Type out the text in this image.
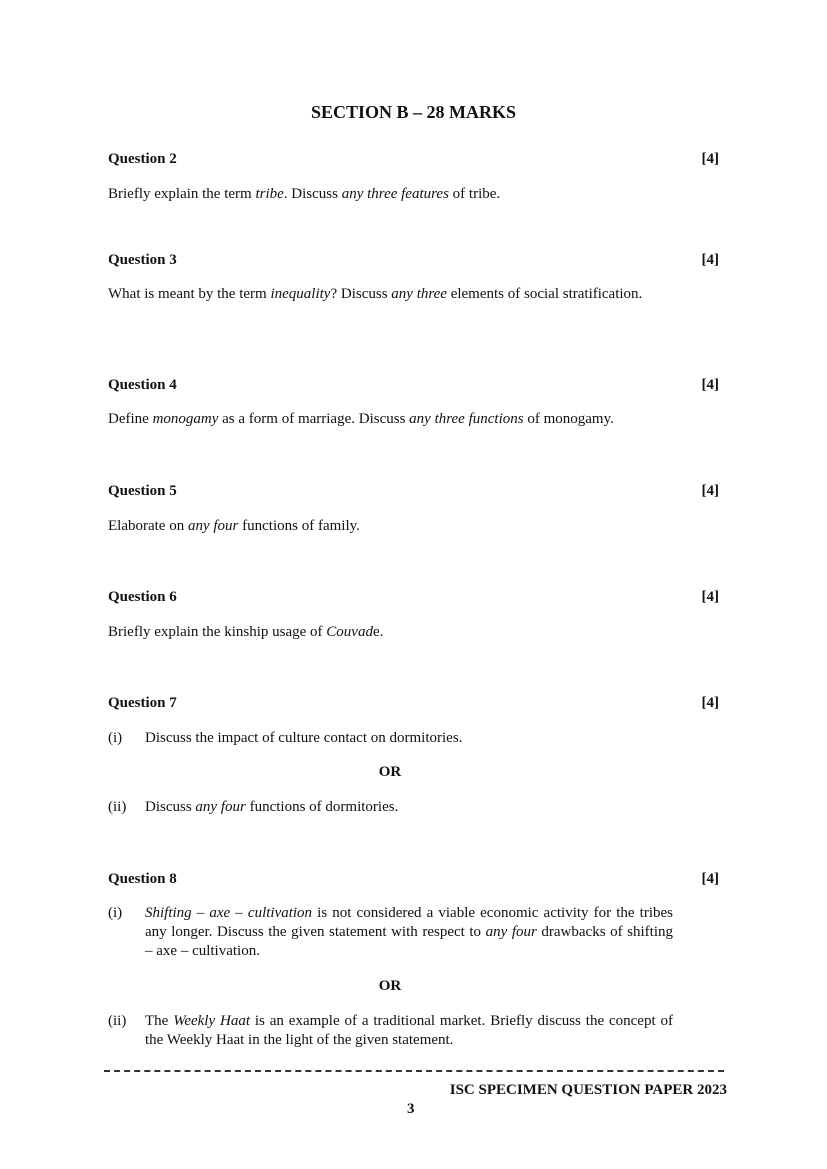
SECTION B – 28 MARKS
Question 2	[4]
Briefly explain the term tribe. Discuss any three features of tribe.
Question 3	[4]
What is meant by the term inequality? Discuss any three elements of social stratification.
Question 4	[4]
Define monogamy as a form of marriage. Discuss any three functions of monogamy.
Question 5	[4]
Elaborate on any four functions of family.
Question 6	[4]
Briefly explain the kinship usage of Couvade.
Question 7	[4]
(i) Discuss the impact of culture contact on dormitories.
OR
(ii) Discuss any four functions of dormitories.
Question 8	[4]
(i) Shifting – axe – cultivation is not considered a viable economic activity for the tribes any longer. Discuss the given statement with respect to any four drawbacks of shifting – axe – cultivation.
OR
(ii) The Weekly Haat is an example of a traditional market. Briefly discuss the concept of the Weekly Haat in the light of the given statement.
ISC SPECIMEN QUESTION PAPER 2023
3
